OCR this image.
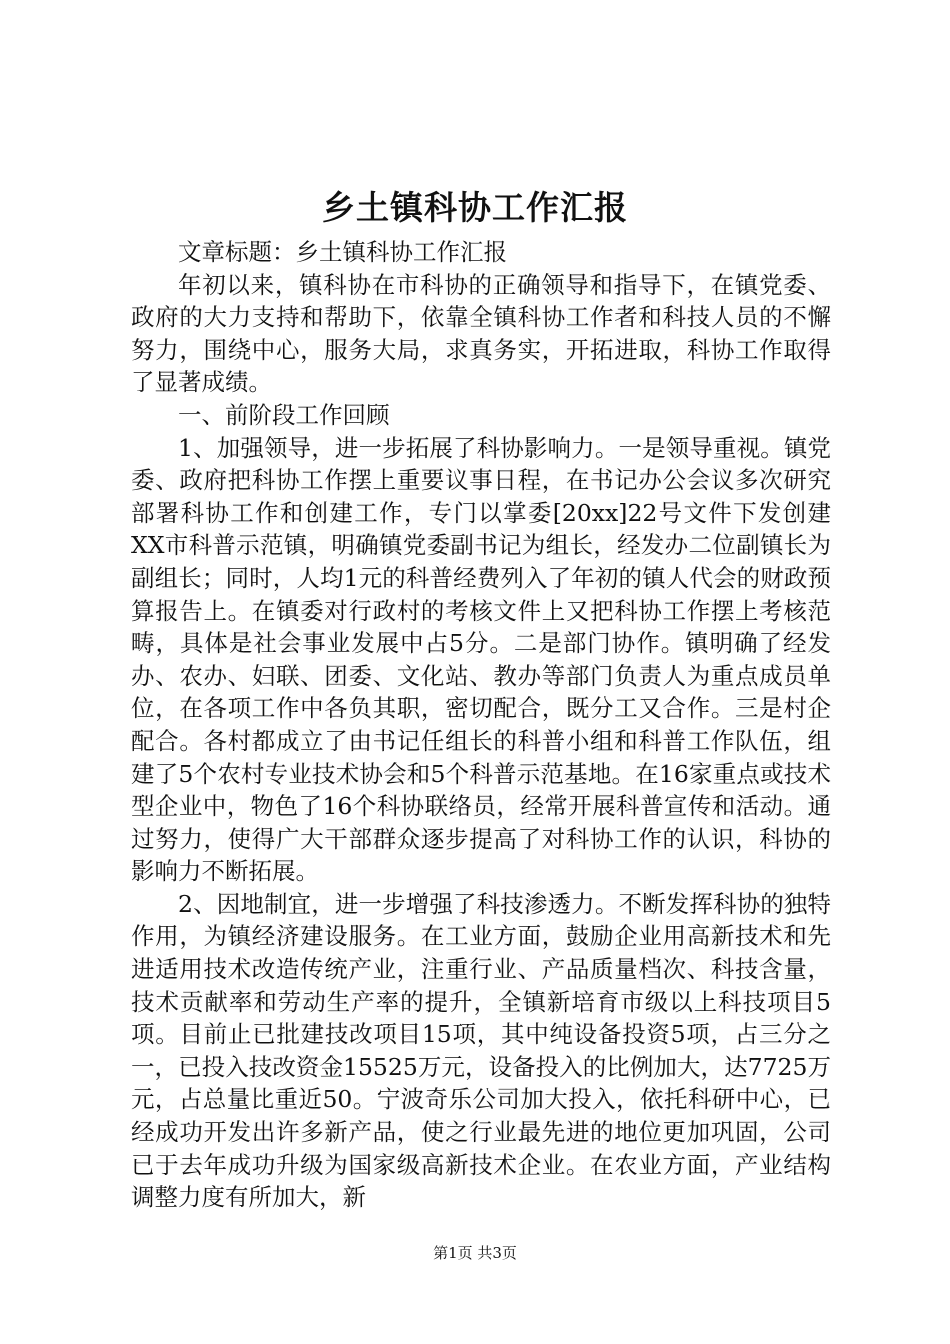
乡土镇科协工作汇报

文章标题：乡土镇科协工作汇报

年初以来，镇科协在市科协的正确领导和指导下，在镇党委、政府的大力支持和帮助下，依靠全镇科协工作者和科技人员的不懈努力，围绕中心，服务大局，求真务实，开拓进取，科协工作取得了显著成绩。

一、前阶段工作回顾

1、加强领导，进一步拓展了科协影响力。一是领导重视。镇党委、政府把科协工作摆上重要议事日程，在书记办公会议多次研究部署科协工作和创建工作，专门以掌委[20xx]22号文件下发创建XX市科普示范镇，明确镇党委副书记为组长，经发办二位副镇长为副组长；同时，人均1元的科普经费列入了年初的镇人代会的财政预算报告上。在镇委对行政村的考核文件上又把科协工作摆上考核范畴，具体是社会事业发展中占5分。二是部门协作。镇明确了经发办、农办、妇联、团委、文化站、教办等部门负责人为重点成员单位，在各项工作中各负其职，密切配合，既分工又合作。三是村企配合。各村都成立了由书记任组长的科普小组和科普工作队伍，组建了5个农村专业技术协会和5个科普示范基地。在16家重点或技术型企业中，物色了16个科协联络员，经常开展科普宣传和活动。通过努力，使得广大干部群众逐步提高了对科协工作的认识，科协的影响力不断拓展。

2、因地制宜，进一步增强了科技渗透力。不断发挥科协的独特作用，为镇经济建设服务。在工业方面，鼓励企业用高新技术和先进适用技术改造传统产业，注重行业、产品质量档次、科技含量，技术贡献率和劳动生产率的提升，全镇新培育市级以上科技项目5项。目前止已批建技改项目15项，其中纯设备投资5项，占三分之一，已投入技改资金15525万元，设备投入的比例加大，达7725万元，占总量比重近50。宁波奇乐公司加大投入，依托科研中心，已经成功开发出许多新产品，使之行业最先进的地位更加巩固，公司已于去年成功升级为国家级高新技术企业。在农业方面，产业结构调整力度有所加大，新

第1页 共3页
